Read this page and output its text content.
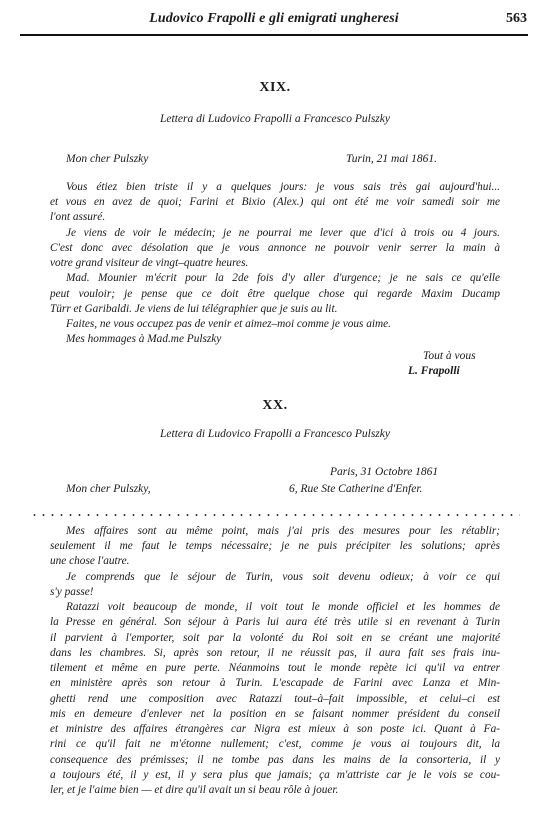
Ludovico Frapolli e gli emigrati ungheresi	563
XIX.
Lettera di Ludovico Frapolli a Francesco Pulszky
Mon cher Pulszky	Turin, 21 mai 1861.
Vous étiez bien triste il y a quelques jours: je vous sais très gai aujourd'hui...
et vous en avez de quoi; Farini et Bixio (Alex.) qui ont été me voir samedi soir me
l'ont assuré.
Je viens de voir le médecin; je ne pourrai me lever que d'ici à trois ou 4 jours.
C'est donc avec désolation que je vous annonce ne pouvoir venir serrer la main à
votre grand visiteur de vingt–quatre heures.
Mad. Mounier m'écrit pour la 2de fois d'y aller d'urgence; je ne sais ce qu'elle
peut vouloir; je pense que ce doit être quelque chose qui regarde Maxim Ducamp
Türr et Garibaldi. Je viens de lui télégraphier que je suis au lit.
Faites, ne vous occupez pas de venir et aimez–moi comme je vous aime.
Mes hommages à Mad.me Pulszky
Tout à vous
L. Frapolli
XX.
Lettera di Ludovico Frapolli a Francesco Pulszky
Paris, 31 Octobre 1861
Mon cher Pulszky,	6, Rue Ste Catherine d'Enfer.
Mes affaires sont au même point, mais j'ai pris des mesures pour les rétablir;
seulement il me faut le temps nécessaire; je ne puis précipiter les solutions; après
une chose l'autre.
Je comprends que le séjour de Turin, vous soit devenu odieux; à voir ce qui
s'y passe!
Ratazzi voit beaucoup de monde, il voit tout le monde officiel et les hommes de
la Presse en général. Son séjour à Paris lui aura été très utile si en revenant à Turin
il parvient à l'emporter, soit par la volonté du Roi soit en se créant une majorité
dans les chambres. Si, après son retour, il ne réussit pas, il aura fait ses frais inu-
tilement et même en pure perte. Néanmoins tout le monde repète ici qu'il va entrer
en ministère après son retour à Turin. L'escapade de Farini avec Lanza et Min-
ghetti rend une composition avec Ratazzi tout–à–fait impossible, et celui–ci est
mis en demeure d'enlever net la position en se faisant nommer président du conseil
et ministre des affaires étrangères car Nigra est mieux à son poste ici. Quant à Fa-
rini ce qu'il fait ne m'étonne nullement; c'est, comme je vous ai toujours dit, la
consequence des prémisses; il ne tombe pas dans les mains de la consorteria, il y
a toujours été, il y est, il y sera plus que jamais; ça m'attriste car je le vois se cou-
ler, et je l'aime bien — et dire qu'il avait un si beau rôle à jouer.
